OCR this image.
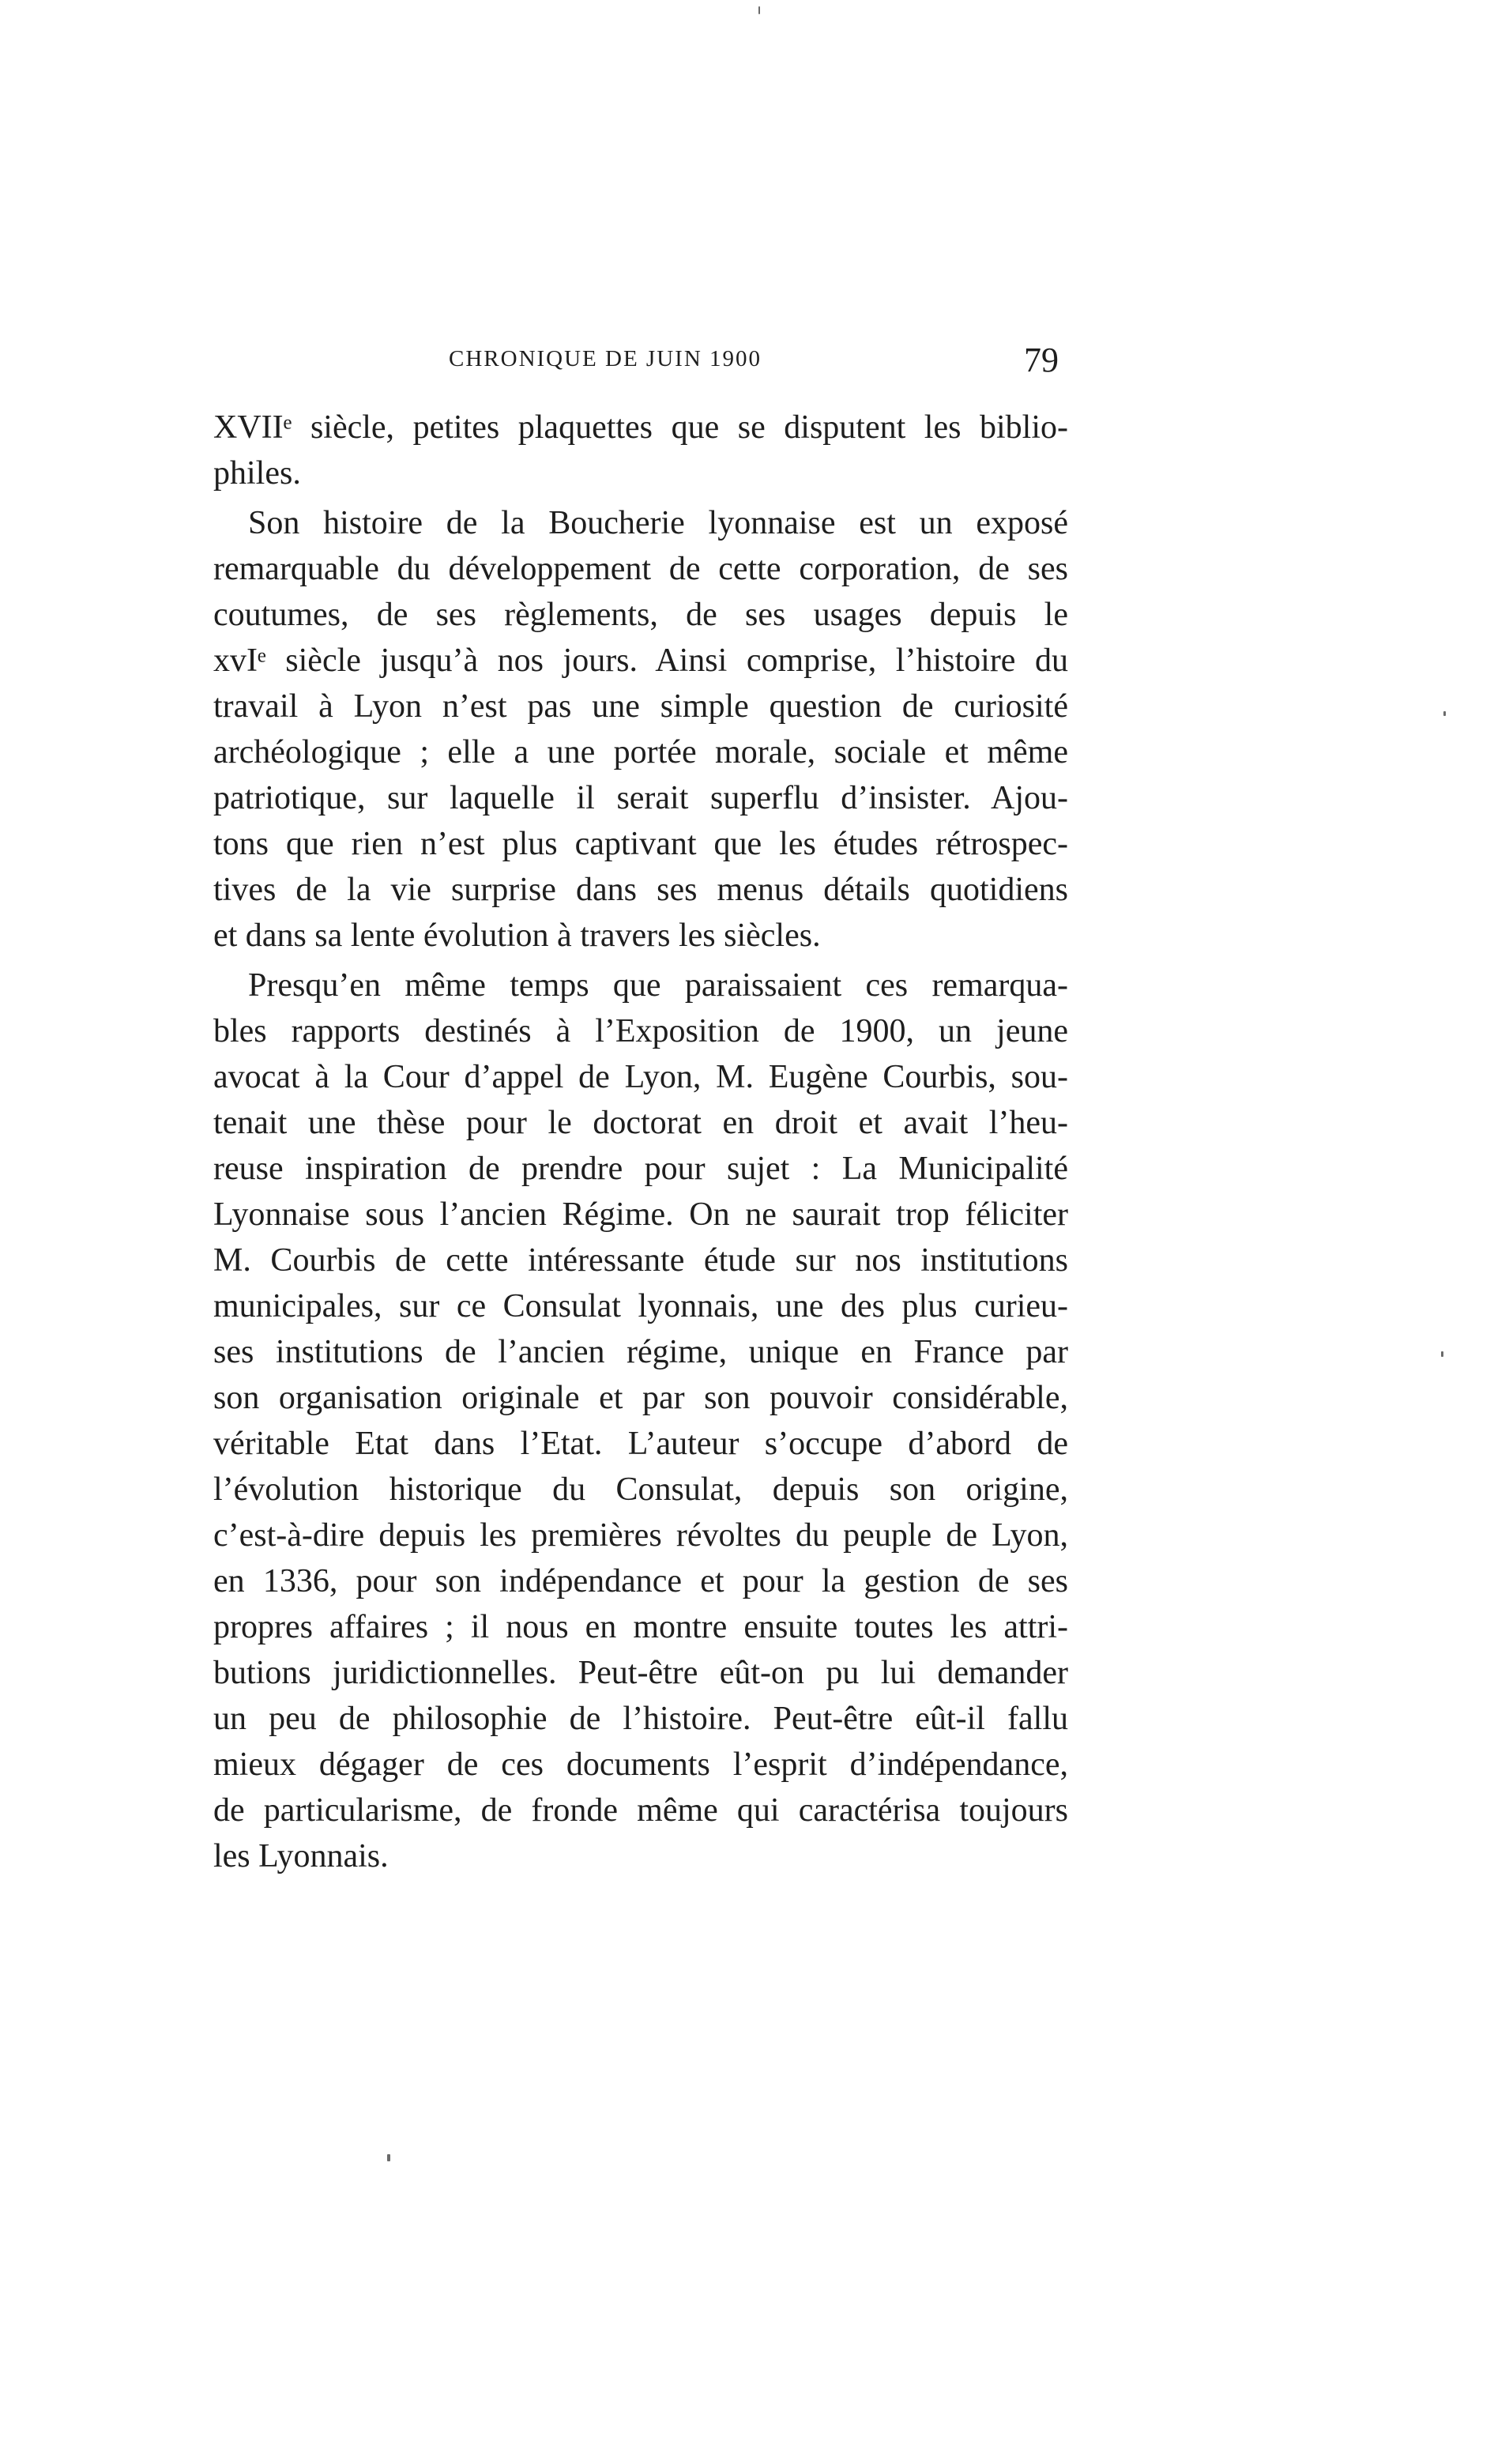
CHRONIQUE DE JUIN 1900	79
XVIIᵉ siècle, petites plaquettes que se disputent les biblio-
philes.
Son histoire de la Boucherie lyonnaise est un exposé
remarquable du développement de cette corporation, de ses
coutumes, de ses règlements, de ses usages depuis le
xvIᵉ siècle jusqu’à nos jours. Ainsi comprise, l’histoire du
travail à Lyon n’est pas une simple question de curiosité
archéologique ; elle a une portée morale, sociale et même
patriotique, sur laquelle il serait superflu d’insister. Ajou-
tons que rien n’est plus captivant que les études rétrospec-
tives de la vie surprise dans ses menus détails quotidiens
et dans sa lente évolution à travers les siècles.
Presqu’en même temps que paraissaient ces remarqua-
bles rapports destinés à l’Exposition de 1900, un jeune
avocat à la Cour d’appel de Lyon, M. Eugène Courbis, sou-
tenait une thèse pour le doctorat en droit et avait l’heu-
reuse inspiration de prendre pour sujet : La Municipalité
Lyonnaise sous l’ancien Régime. On ne saurait trop féliciter
M. Courbis de cette intéressante étude sur nos institutions
municipales, sur ce Consulat lyonnais, une des plus curieu-
ses institutions de l’ancien régime, unique en France par
son organisation originale et par son pouvoir considérable,
véritable Etat dans l’Etat. L’auteur s’occupe d’abord de
l’évolution historique du Consulat, depuis son origine,
c’est-à-dire depuis les premières révoltes du peuple de Lyon,
en 1336, pour son indépendance et pour la gestion de ses
propres affaires ; il nous en montre ensuite toutes les attri-
butions juridictionnelles. Peut-être eût-on pu lui demander
un peu de philosophie de l’histoire. Peut-être eût-il fallu
mieux dégager de ces documents l’esprit d’indépendance,
de particularisme, de fronde même qui caractérisa toujours
les Lyonnais.
